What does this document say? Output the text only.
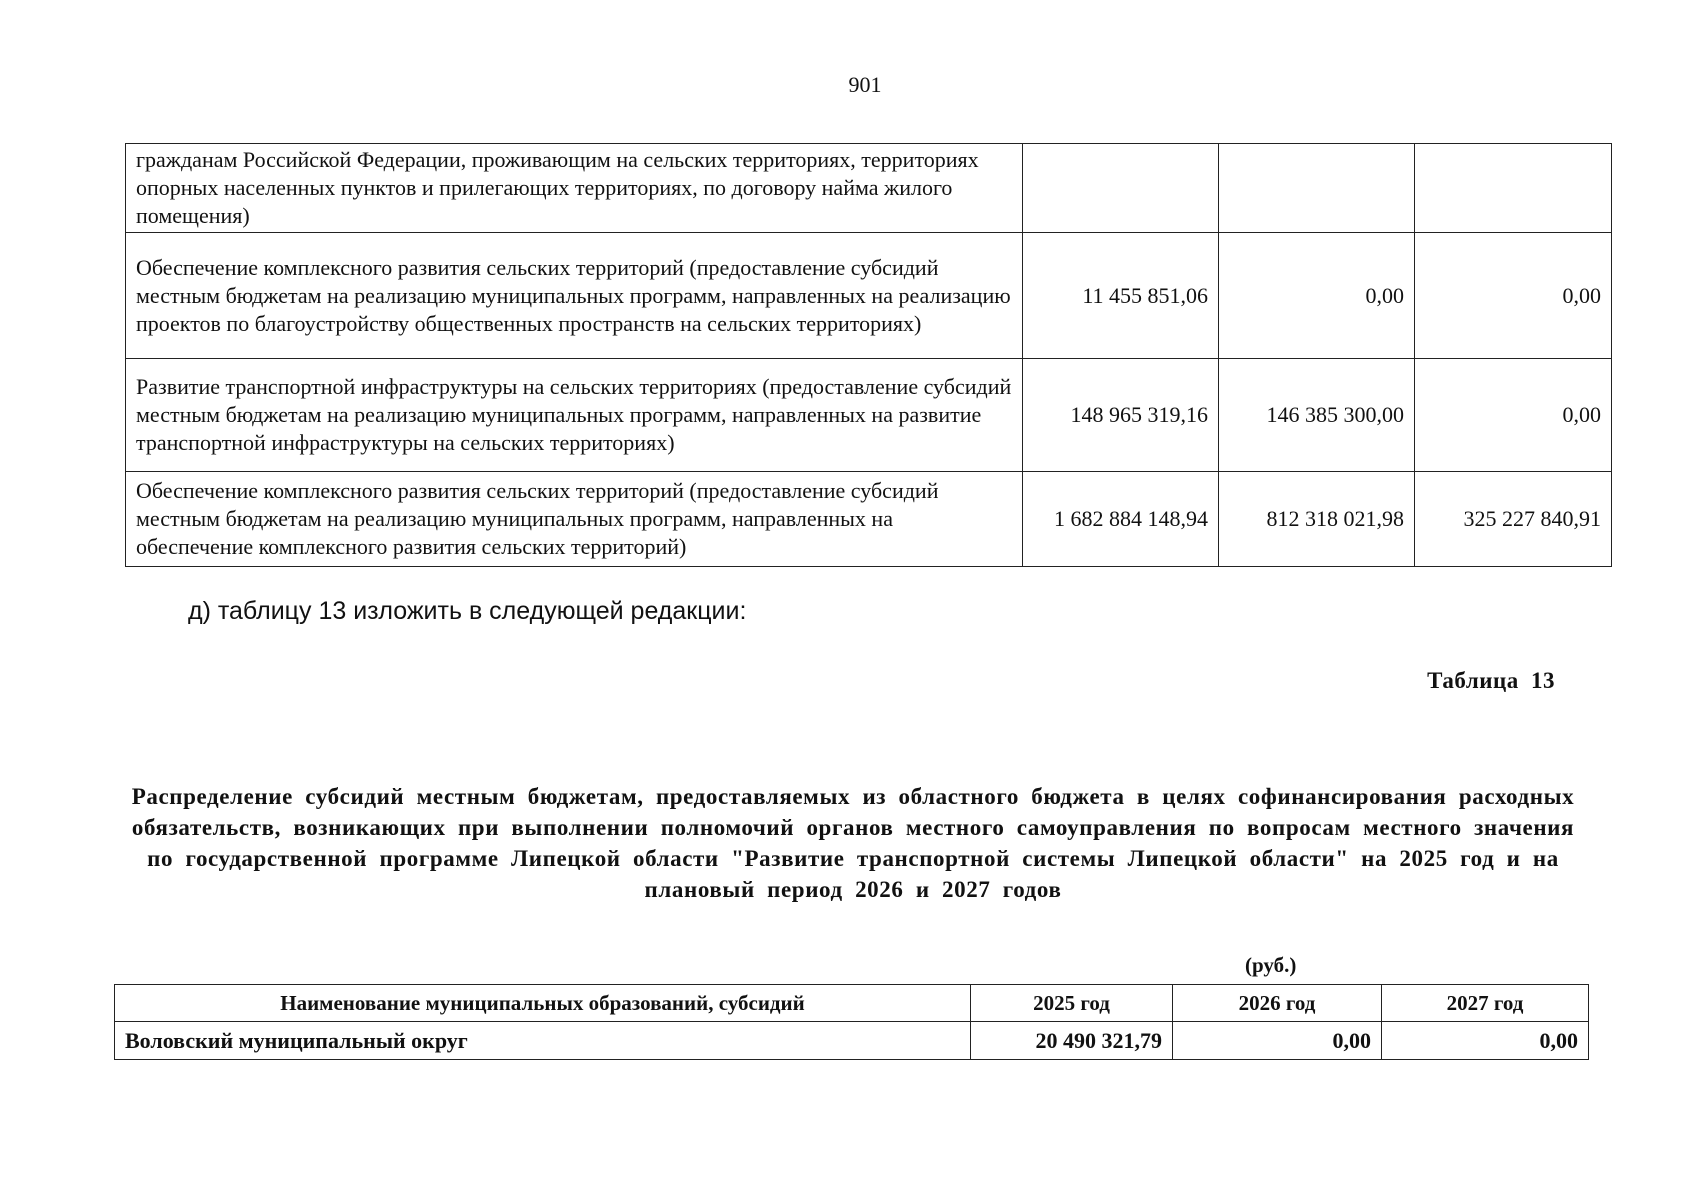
901
гражданам Российской Федерации, проживающим на сельских территориях, территориях опорных населенных пунктов и прилегающих территориях, по договору найма жилого помещения)			
Обеспечение комплексного развития сельских территорий (предоставление субсидий местным бюджетам на реализацию муниципальных программ, направленных на реализацию проектов по благоустройству общественных пространств на сельских территориях)	11 455 851,06	0,00	0,00
Развитие транспортной инфраструктуры на сельских территориях (предоставление субсидий местным бюджетам на реализацию муниципальных программ, направленных на развитие транспортной инфраструктуры на сельских территориях)	148 965 319,16	146 385 300,00	0,00
Обеспечение комплексного развития сельских территорий (предоставление субсидий местным бюджетам на реализацию муниципальных программ, направленных на обеспечение комплексного развития сельских территорий)	1 682 884 148,94	812 318 021,98	325 227 840,91
д) таблицу 13 изложить в следующей редакции:
Таблица 13
Распределение субсидий местным бюджетам, предоставляемых из областного бюджета в целях софинансирования расходных обязательств, возникающих при выполнении полномочий органов местного самоуправления по вопросам местного значения по государственной программе Липецкой области "Развитие транспортной системы Липецкой области" на 2025 год и на плановый период 2026 и 2027 годов
(руб.)
Наименование муниципальных образований, субсидий	2025 год	2026 год	2027 год
Воловский муниципальный округ	20 490 321,79	0,00	0,00
